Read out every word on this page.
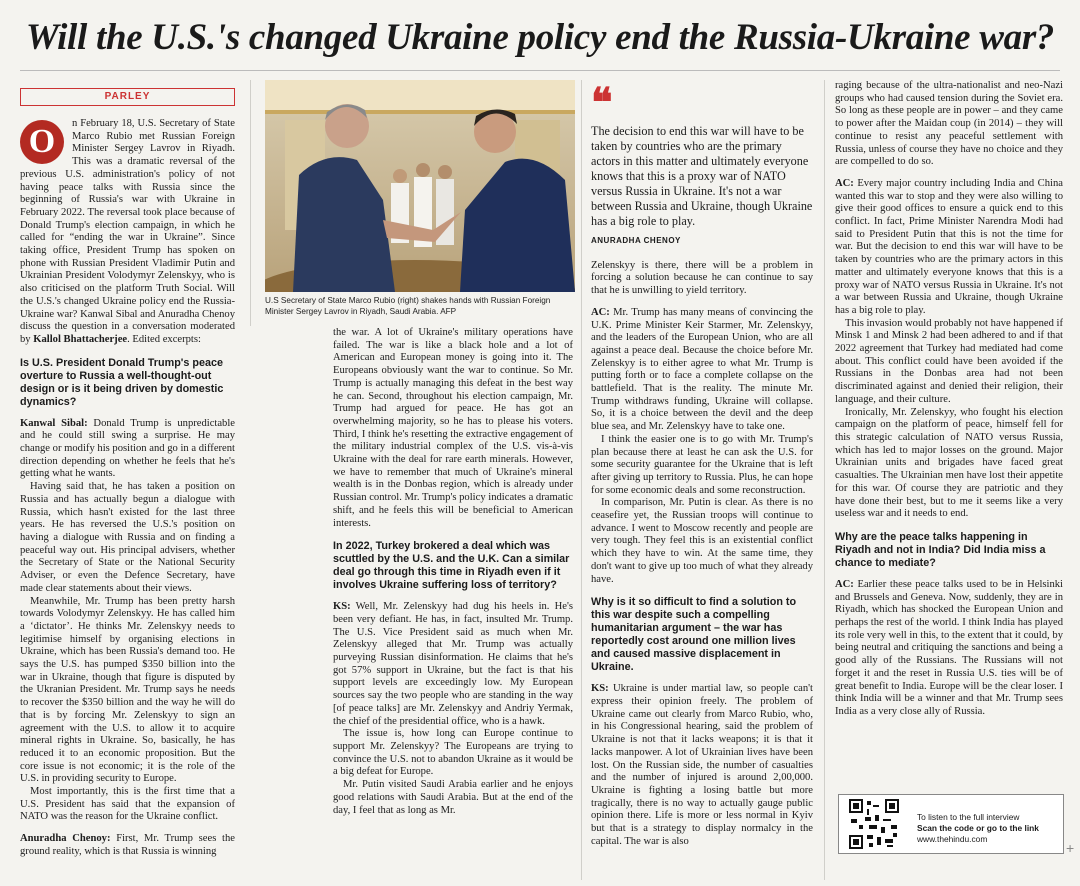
Will the U.S.'s changed Ukraine policy end the Russia-Ukraine war?
PARLEY

O	n February 18, U.S. Secretary of State Marco Rubio met Russian Foreign Minister Sergey Lavrov in Riyadh. This was a dramatic reversal of the previous U.S. administration's policy of not having peace talks with Russia since the beginning of Russia's war with Ukraine in February 2022. The reversal took place because of Donald Trump's election campaign, in which he called for “ending the war in Ukraine”. Since taking office, President Trump has spoken on phone with Russian President Vladimir Putin and Ukrainian President Volodymyr Zelenskyy, who is also criticised on the platform Truth Social. Will the U.S.'s changed Ukraine policy end the Russia-Ukraine war? Kanwal Sibal and Anuradha Chenoy discuss the question in a conversation moderated by Kallol Bhattacherjee. Edited excerpts:

Is U.S. President Donald Trump's peace overture to Russia a well-thought-out design or is it being driven by domestic dynamics?

Kanwal Sibal: Donald Trump is unpredictable and he could still swing a surprise. He may change or modify his position and go in a different direction depending on whether he feels that he's getting what he wants.

Having said that, he has taken a position on Russia and has actually begun a dialogue with Russia, which hasn't existed for the last three years. He has reversed the U.S.'s position on having a dialogue with Russia and on finding a peaceful way out. His principal advisers, whether the Secretary of State or the National Security Adviser, or even the Defence Secretary, have made clear statements about their views.

Meanwhile, Mr. Trump has been pretty harsh towards Volodymyr Zelenskyy. He has called him a ‘dictator’. He thinks Mr. Zelenskyy needs to legitimise himself by organising elections in Ukraine, which has been Russia's demand too. He says the U.S. has pumped $350 billion into the war in Ukraine, though that figure is disputed by the Ukranian President. Mr. Trump says he needs to recover the $350 billion and the way he will do that is by forcing Mr. Zelenskyy to sign an agreement with the U.S. to allow it to acquire mineral rights in Ukraine. So, basically, he has reduced it to an economic proposition. But the core issue is not economic; it is the role of the U.S. in providing security to Europe.

Most importantly, this is the first time that a U.S. President has said that the expansion of NATO was the reason for the Ukraine conflict.

Anuradha Chenoy: First, Mr. Trump sees the ground reality, which is that Russia is winning

U.S Secretary of State Marco Rubio (right) shakes hands with Russian Foreign Minister Sergey Lavrov in Riyadh, Saudi Arabia. AFP

the war. A lot of Ukraine's military operations have failed. The war is like a black hole and a lot of American and European money is going into it. The Europeans obviously want the war to continue. So Mr. Trump is actually managing this defeat in the best way he can. Second, throughout his election campaign, Mr. Trump had argued for peace. He has got an overwhelming majority, so he has to please his voters. Third, I think he's resetting the extractive engagement of the military industrial complex of the U.S. vis-à-vis Ukraine with the deal for rare earth minerals. However, we have to remember that much of Ukraine's mineral wealth is in the Donbas region, which is already under Russian control. Mr. Trump's policy indicates a dramatic shift, and he feels this will be beneficial to American interests.

In 2022, Turkey brokered a deal which was scuttled by the U.S. and the U.K. Can a similar deal go through this time in Riyadh even if it involves Ukraine suffering loss of territory?

KS: Well, Mr. Zelenskyy had dug his heels in. He's been very defiant. He has, in fact, insulted Mr. Trump. The U.S. Vice President said as much when Mr. Zelenskyy alleged that Mr. Trump was actually purveying Russian disinformation. He claims that he's got 57% support in Ukraine, but the fact is that his support levels are exceedingly low. My European sources say the two people who are standing in the way [of peace talks] are Mr. Zelenskyy and Andriy Yermak, the chief of the presidential office, who is a hawk.

The issue is, how long can Europe continue to support Mr. Zelenskyy? The Europeans are trying to convince the U.S. not to abandon Ukraine as it would be a big defeat for Europe.

Mr. Putin visited Saudi Arabia earlier and he enjoys good relations with Saudi Arabia. But at the end of the day, I feel that as long as Mr.

❝
The decision to end this war will have to be taken by countries who are the primary actors in this matter and ultimately everyone knows that this is a proxy war of NATO versus Russia in Ukraine. It's not a war between Russia and Ukraine, though Ukraine has a big role to play.
ANURADHA CHENOY

Zelenskyy is there, there will be a problem in forcing a solution because he can continue to say that he is unwilling to yield territory.

AC: Mr. Trump has many means of convincing the U.K. Prime Minister Keir Starmer, Mr. Zelenskyy, and the leaders of the European Union, who are all against a peace deal. Because the choice before Mr. Zelenskyy is to either agree to what Mr. Trump is putting forth or to face a complete collapse on the battlefield. That is the reality. The minute Mr. Trump withdraws funding, Ukraine will collapse. So, it is a choice between the devil and the deep blue sea, and Mr. Zelenskyy have to take one.

I think the easier one is to go with Mr. Trump's plan because there at least he can ask the U.S. for some security guarantee for the Ukraine that is left after giving up territory to Russia. Plus, he can hope for some economic deals and some reconstruction.

In comparison, Mr. Putin is clear. As there is no ceasefire yet, the Russian troops will continue to advance. I went to Moscow recently and people are very tough. They feel this is an existential conflict which they have to win. At the same time, they don't want to give up too much of what they already have.

Why is it so difficult to find a solution to this war despite such a compelling humanitarian argument – the war has reportedly cost around one million lives and caused massive displacement in Ukraine.

KS: Ukraine is under martial law, so people can't express their opinion freely. The problem of Ukraine came out clearly from Marco Rubio, who, in his Congressional hearing, said the problem of Ukraine is not that it lacks weapons; it is that it lacks manpower. A lot of Ukrainian lives have been lost. On the Russian side, the number of casualties and the number of injured is around 2,00,000. Ukraine is fighting a losing battle but more tragically, there is no way to actually gauge public opinion there. Life is more or less normal in Kyiv but that is a strategy to display normalcy in the capital. The war is also

raging because of the ultra-nationalist and neo-Nazi groups who had caused tension during the Soviet era. So long as these people are in power – and they came to power after the Maidan coup (in 2014) – they will continue to resist any peaceful settlement with Russia, unless of course they have no choice and they are compelled to do so.

AC: Every major country including India and China wanted this war to stop and they were also willing to give their good offices to ensure a quick end to this conflict. In fact, Prime Minister Narendra Modi had said to President Putin that this is not the time for war. But the decision to end this war will have to be taken by countries who are the primary actors in this matter and ultimately everyone knows that this is a proxy war of NATO versus Russia in Ukraine. It's not a war between Russia and Ukraine, though Ukraine has a big role to play.

This invasion would probably not have happened if Minsk 1 and Minsk 2 had been adhered to and if that 2022 agreement that Turkey had mediated had come about. This conflict could have been avoided if the Russians in the Donbas area had not been discriminated against and denied their religion, their language, and their culture.

Ironically, Mr. Zelenskyy, who fought his election campaign on the platform of peace, himself fell for this strategic calculation of NATO versus Russia, which has led to major losses on the ground. Major Ukrainian units and brigades have faced great casualties. The Ukrainian men have lost their appetite for this war. Of course they are patriotic and they have done their best, but to me it seems like a very useless war and it needs to end.

Why are the peace talks happening in Riyadh and not in India? Did India miss a chance to mediate?

AC: Earlier these peace talks used to be in Helsinki and Brussels and Geneva. Now, suddenly, they are in Riyadh, which has shocked the European Union and perhaps the rest of the world. I think India has played its role very well in this, to the extent that it could, by being neutral and critiquing the sanctions and being a good ally of the Russians. The Russians will not forget it and the reset in Russia U.S. ties will be of great benefit to India. Europe will be the clear loser. I think India will be a winner and that Mr. Trump sees India as a very close ally of Russia.

To listen to the full interview
Scan the code or go to the link
www.thehindu.com
+
